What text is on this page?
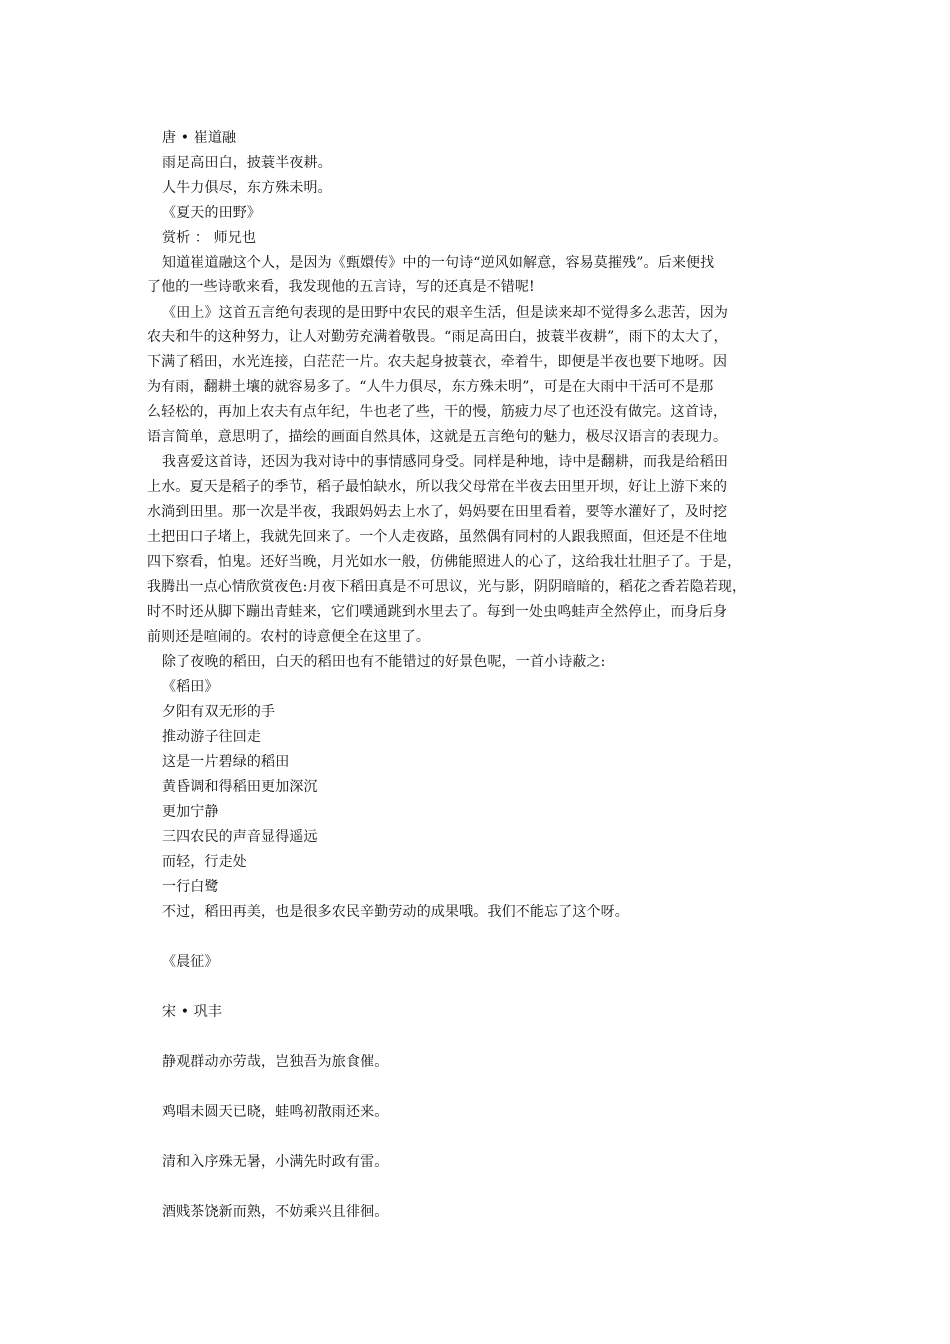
唐 • 崔道融
雨足高田白，披蓑半夜耕。
人牛力俱尽，东方殊未明。
《夏天的田野》
赏析 ： 师兄也
知道崔道融这个人，是因为《甄嬛传》中的一句诗“逆风如解意，容易莫摧残”。后来便找
了他的一些诗歌来看，我发现他的五言诗，写的还真是不错呢!
《田上》这首五言绝句表现的是田野中农民的艰辛生活，但是读来却不觉得多么悲苦，因为
农夫和牛的这种努力，让人对勤劳充满着敬畏。“雨足高田白，披蓑半夜耕”，雨下的太大了，
下满了稻田，水光连接，白茫茫一片。农夫起身披蓑衣，牵着牛，即便是半夜也要下地呀。因
为有雨，翻耕土壤的就容易多了。“人牛力俱尽，东方殊未明”，可是在大雨中干活可不是那
么轻松的，再加上农夫有点年纪，牛也老了些，干的慢，筋疲力尽了也还没有做完。这首诗，
语言简单，意思明了，描绘的画面自然具体，这就是五言绝句的魅力，极尽汉语言的表现力。
我喜爱这首诗，还因为我对诗中的事情感同身受。同样是种地，诗中是翻耕，而我是给稻田
上水。夏天是稻子的季节，稻子最怕缺水，所以我父母常在半夜去田里开坝，好让上游下来的
水淌到田里。那一次是半夜，我跟妈妈去上水了，妈妈要在田里看着，要等水灌好了，及时挖
土把田口子堵上，我就先回来了。一个人走夜路，虽然偶有同村的人跟我照面，但还是不住地
四下察看，怕鬼。还好当晚，月光如水一般，仿佛能照进人的心了，这给我壮壮胆子了。于是，
我腾出一点心情欣赏夜色:月夜下稻田真是不可思议，光与影，阴阴暗暗的，稻花之香若隐若现，
时不时还从脚下蹦出青蛙来，它们噗通跳到水里去了。每到一处虫鸣蛙声全然停止，而身后身
前则还是喧闹的。农村的诗意便全在这里了。
除了夜晚的稻田，白天的稻田也有不能错过的好景色呢，一首小诗蔽之:
《稻田》
夕阳有双无形的手
推动游子往回走
这是一片碧绿的稻田
黄昏调和得稻田更加深沉
更加宁静
三四农民的声音显得遥远
而轻，行走处
一行白鹭
不过，稻田再美，也是很多农民辛勤劳动的成果哦。我们不能忘了这个呀。
《晨征》
宋 • 巩丰
静观群动亦劳哉，岂独吾为旅食催。
鸡唱未圆天已晓，蛙鸣初散雨还来。
清和入序殊无暑，小满先时政有雷。
酒贱茶饶新而熟，不妨乘兴且徘徊。
